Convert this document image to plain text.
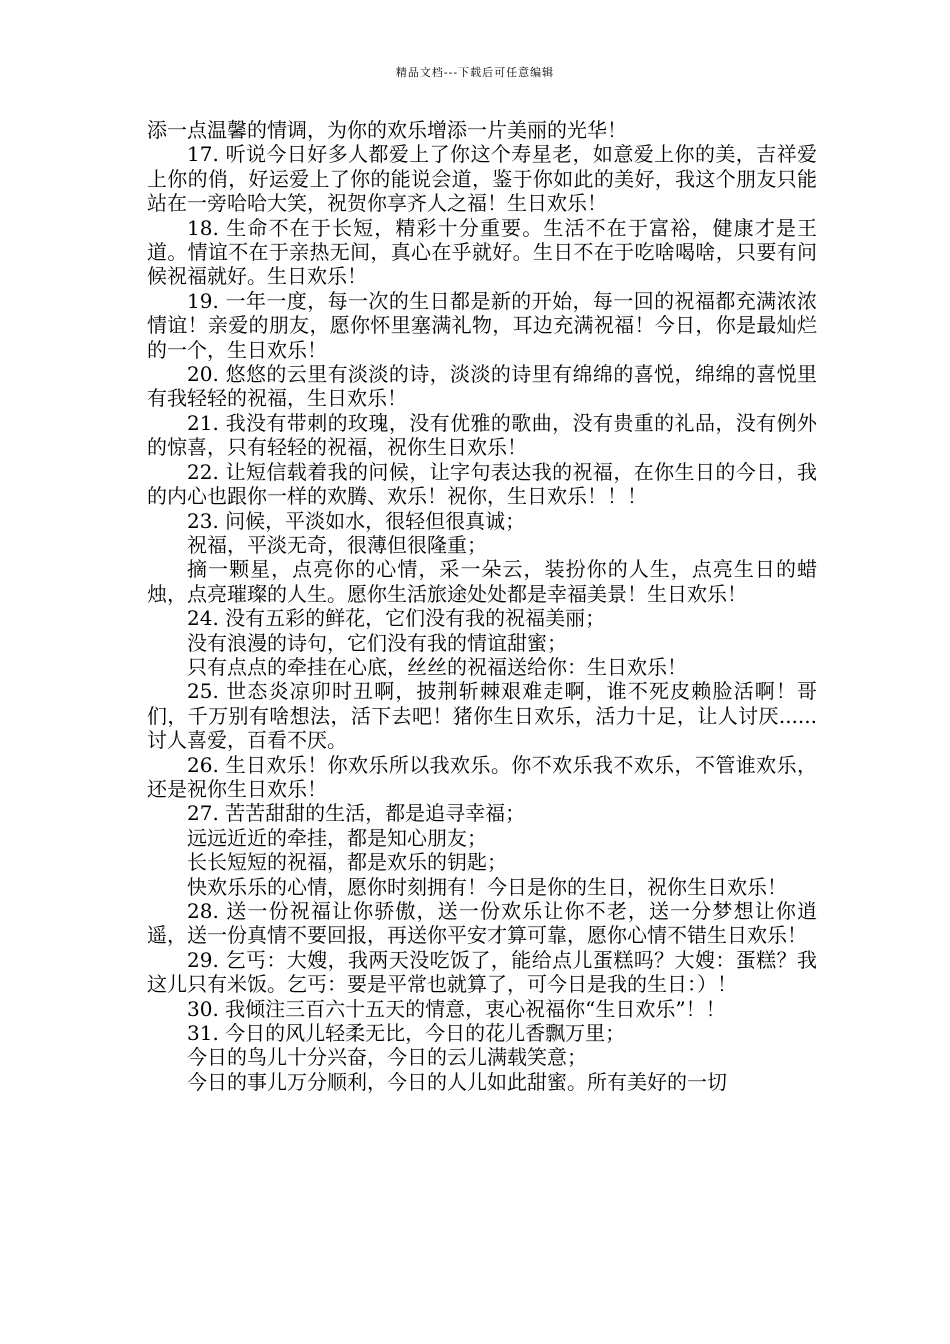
精品文档---下载后可任意编辑

添一点温馨的情调，为你的欢乐增添一片美丽的光华！

17. 听说今日好多人都爱上了你这个寿星老，如意爱上你的美，吉祥爱上你的俏，好运爱上了你的能说会道，鉴于你如此的美好，我这个朋友只能站在一旁哈哈大笑，祝贺你享齐人之福！生日欢乐！

18. 生命不在于长短，精彩十分重要。生活不在于富裕，健康才是王道。情谊不在于亲热无间，真心在乎就好。生日不在于吃啥喝啥，只要有问候祝福就好。生日欢乐！

19. 一年一度，每一次的生日都是新的开始，每一回的祝福都充满浓浓情谊！亲爱的朋友，愿你怀里塞满礼物，耳边充满祝福！今日，你是最灿烂的一个，生日欢乐！

20. 悠悠的云里有淡淡的诗，淡淡的诗里有绵绵的喜悦，绵绵的喜悦里有我轻轻的祝福，生日欢乐！

21. 我没有带刺的玫瑰，没有优雅的歌曲，没有贵重的礼品，没有例外的惊喜，只有轻轻的祝福，祝你生日欢乐！

22. 让短信载着我的问候，让字句表达我的祝福，在你生日的今日，我的内心也跟你一样的欢腾、欢乐！祝你，生日欢乐！！！

23. 问候，平淡如水，很轻但很真诚；

祝福，平淡无奇，很薄但很隆重；

摘一颗星，点亮你的心情，采一朵云，装扮你的人生，点亮生日的蜡烛，点亮璀璨的人生。愿你生活旅途处处都是幸福美景！生日欢乐！

24. 没有五彩的鲜花，它们没有我的祝福美丽；

没有浪漫的诗句，它们没有我的情谊甜蜜；

只有点点的牵挂在心底，丝丝的祝福送给你：生日欢乐！

25. 世态炎凉卯时丑啊，披荆斩棘艰难走啊，谁不死皮赖脸活啊！哥们，千万别有啥想法，活下去吧！猪你生日欢乐，活力十足，让人讨厌......讨人喜爱，百看不厌。

26. 生日欢乐！你欢乐所以我欢乐。你不欢乐我不欢乐，不管谁欢乐，还是祝你生日欢乐！

27. 苦苦甜甜的生活，都是追寻幸福；

远远近近的牵挂，都是知心朋友；

长长短短的祝福，都是欢乐的钥匙；

快欢乐乐的心情，愿你时刻拥有！今日是你的生日，祝你生日欢乐！

28. 送一份祝福让你骄傲，送一份欢乐让你不老，送一分梦想让你逍遥，送一份真情不要回报，再送你平安才算可靠，愿你心情不错生日欢乐！

29. 乞丐：大嫂，我两天没吃饭了，能给点儿蛋糕吗？大嫂：蛋糕？我这儿只有米饭。乞丐：要是平常也就算了，可今日是我的生日：）！

30. 我倾注三百六十五天的情意，衷心祝福你“生日欢乐”！！

31. 今日的风儿轻柔无比，今日的花儿香飘万里；

今日的鸟儿十分兴奋，今日的云儿满载笑意；

今日的事儿万分顺利，今日的人儿如此甜蜜。所有美好的一切
